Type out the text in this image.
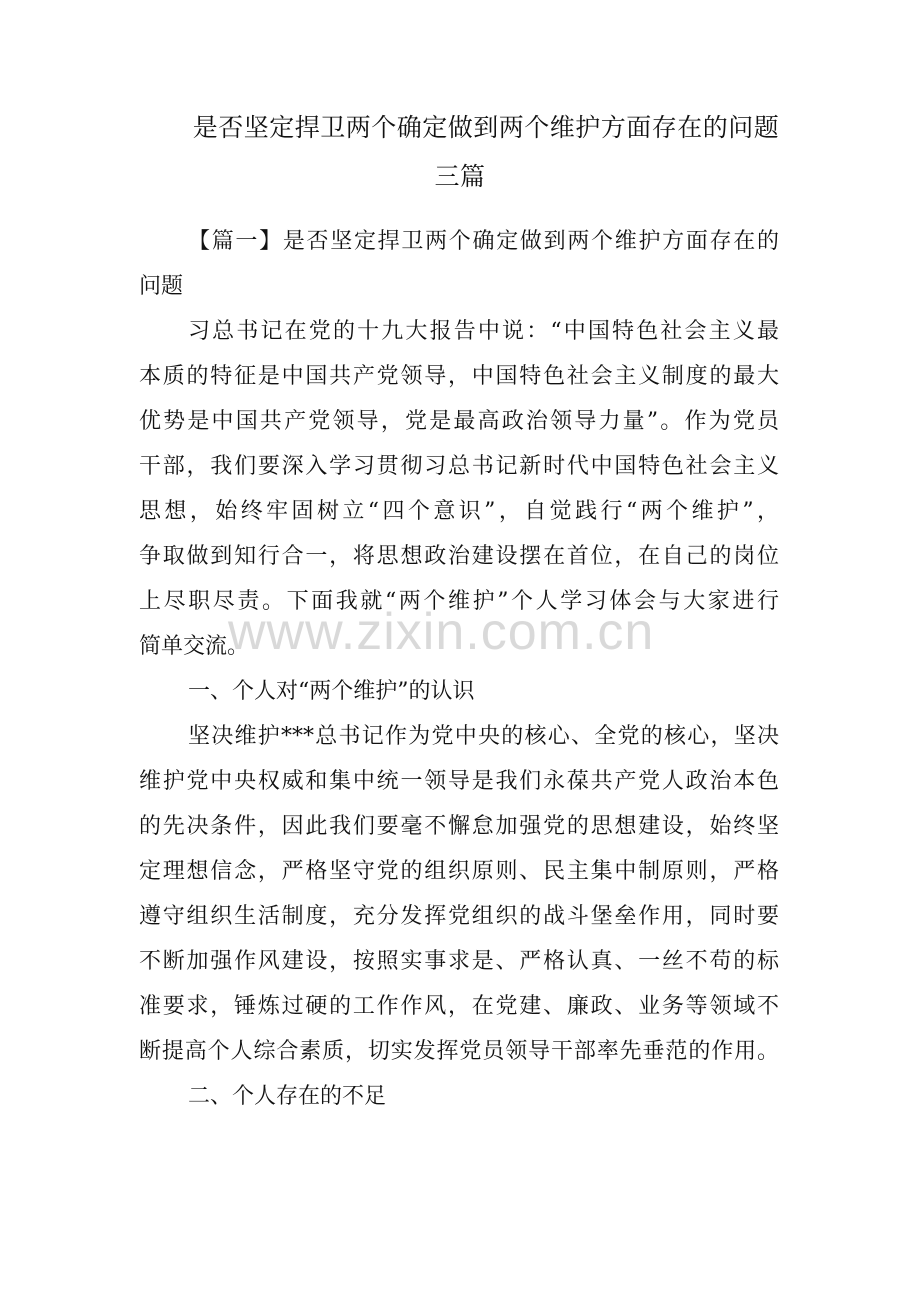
是否坚定捍卫两个确定做到两个维护方面存在的问题
三篇
【篇一】是否坚定捍卫两个确定做到两个维护方面存在的
问题
习总书记在党的十九大报告中说：“中国特色社会主义最
本质的特征是中国共产党领导，中国特色社会主义制度的最大
优势是中国共产党领导，党是最高政治领导力量”。作为党员
干部，我们要深入学习贯彻习总书记新时代中国特色社会主义
思想，始终牢固树立“四个意识”，自觉践行“两个维护”，
争取做到知行合一，将思想政治建设摆在首位，在自己的岗位
上尽职尽责。下面我就“两个维护”个人学习体会与大家进行
简单交流。
一、个人对“两个维护”的认识
坚决维护***总书记作为党中央的核心、全党的核心，坚决
维护党中央权威和集中统一领导是我们永葆共产党人政治本色
的先决条件，因此我们要毫不懈怠加强党的思想建设，始终坚
定理想信念，严格坚守党的组织原则、民主集中制原则，严格
遵守组织生活制度，充分发挥党组织的战斗堡垒作用，同时要
不断加强作风建设，按照实事求是、严格认真、一丝不苟的标
准要求，锤炼过硬的工作作风，在党建、廉政、业务等领域不
断提高个人综合素质，切实发挥党员领导干部率先垂范的作用。
二、个人存在的不足
www.zixin.com.cn
